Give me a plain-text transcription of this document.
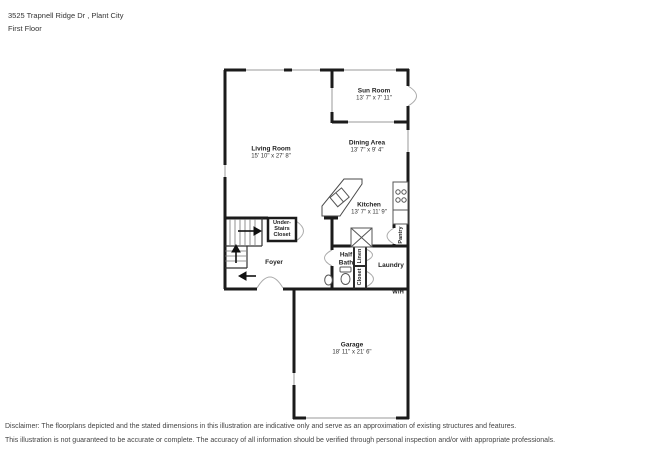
3525 Trapnell Ridge Dr , Plant City
First Floor
Sun Room
13' 7" x 7' 11"
Dining Area
13' 7" x 9' 4"
Living Room
15' 10" x 27' 8"
Kitchen
13' 7" x 11' 9"
Under-
Stairs
Closet
Foyer
Half
Bath Linen
Closet
Laundry
Pantry
W/H
Garage
18' 11" x 21' 6"
Disclaimer: The floorplans depicted and the stated dimensions in this illustration are indicative only and serve as an approximation of existing structures and features.
This illustration is not guaranteed to be accurate or complete. The accuracy of all information should be verified through personal inspection and/or with appropriate professionals.
